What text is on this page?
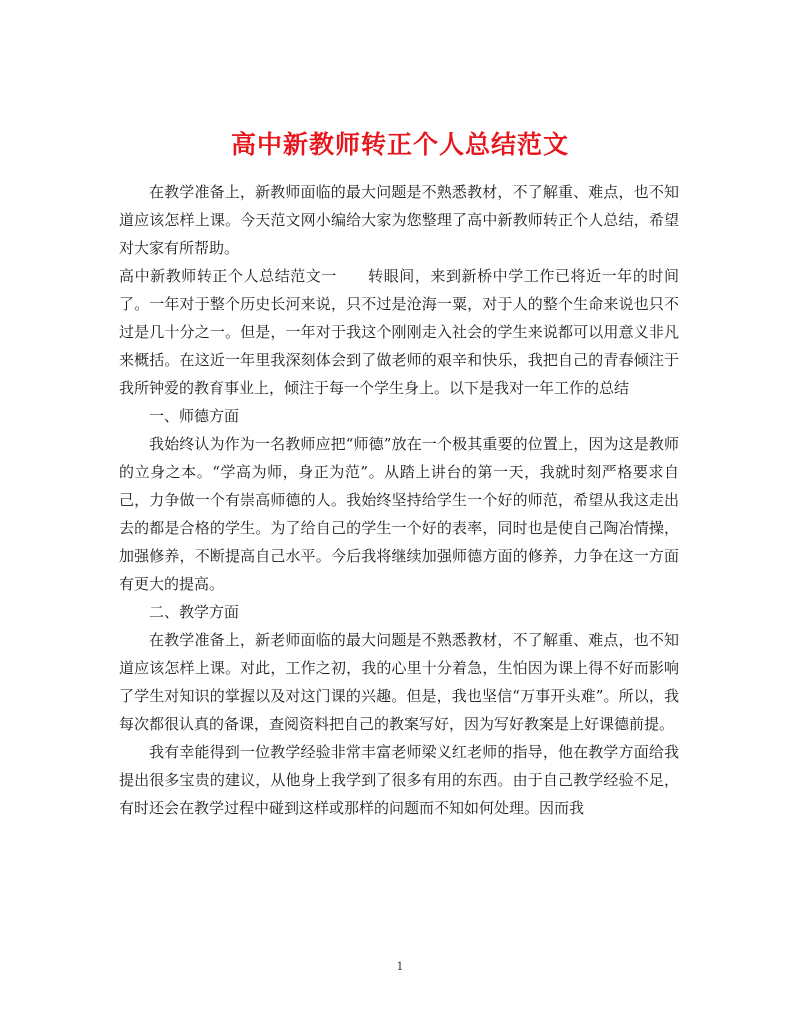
高中新教师转正个人总结范文

在教学准备上，新教师面临的最大问题是不熟悉教材，不了解重、难点，也不知道应该怎样上课。今天范文网小编给大家为您整理了高中新教师转正个人总结，希望对大家有所帮助。

高中新教师转正个人总结范文一　　 转眼间，来到新桥中学工作已将近一年的时间了。一年对于整个历史长河来说，只不过是沧海一粟，对于人的整个生命来说也只不过是几十分之一。但是，一年对于我这个刚刚走入社会的学生来说都可以用意义非凡来概括。在这近一年里我深刻体会到了做老师的艰辛和快乐，我把自己的青春倾注于我所钟爱的教育事业上，倾注于每一个学生身上。以下是我对一年工作的总结

一、师德方面

我始终认为作为一名教师应把“师德”放在一个极其重要的位置上，因为这是教师的立身之本。“学高为师，身正为范”。从踏上讲台的第一天，我就时刻严格要求自己，力争做一个有崇高师德的人。我始终坚持给学生一个好的师范，希望从我这走出去的都是合格的学生。为了给自己的学生一个好的表率，同时也是使自己陶冶情操，加强修养，不断提高自己水平。今后我将继续加强师德方面的修养，力争在这一方面有更大的提高。

二、教学方面

在教学准备上，新老师面临的最大问题是不熟悉教材，不了解重、难点，也不知道应该怎样上课。对此，工作之初，我的心里十分着急，生怕因为课上得不好而影响了学生对知识的掌握以及对这门课的兴趣。但是，我也坚信“万事开头难”。所以，我每次都很认真的备课，查阅资料把自己的教案写好，因为写好教案是上好课德前提。

我有幸能得到一位教学经验非常丰富老师梁义红老师的指导，他在教学方面给我提出很多宝贵的建议，从他身上我学到了很多有用的东西。由于自己教学经验不足，有时还会在教学过程中碰到这样或那样的问题而不知如何处理。因而我

1
